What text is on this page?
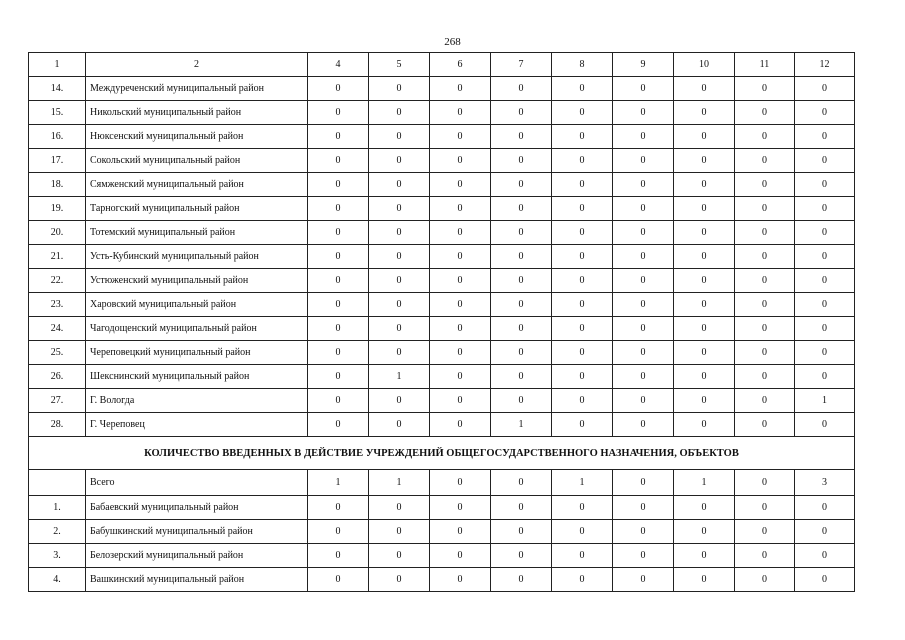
268
1	2	4	5	6	7	8	9	10	11	12
14.	Междуреченский муниципальный район	0	0	0	0	0	0	0	0	0
15.	Никольский муниципальный район	0	0	0	0	0	0	0	0	0
16.	Нюксенский муниципальный район	0	0	0	0	0	0	0	0	0
17.	Сокольский муниципальный район	0	0	0	0	0	0	0	0	0
18.	Сямженский муниципальный район	0	0	0	0	0	0	0	0	0
19.	Тарногский муниципальный район	0	0	0	0	0	0	0	0	0
20.	Тотемский муниципальный район	0	0	0	0	0	0	0	0	0
21.	Усть-Кубинский муниципальный район	0	0	0	0	0	0	0	0	0
22.	Устюженский муниципальный район	0	0	0	0	0	0	0	0	0
23.	Харовский муниципальный район	0	0	0	0	0	0	0	0	0
24.	Чагодощенский муниципальный район	0	0	0	0	0	0	0	0	0
25.	Череповецкий муниципальный район	0	0	0	0	0	0	0	0	0
26.	Шекснинский муниципальный район	0	1	0	0	0	0	0	0	0
27.	Г. Вологда	0	0	0	0	0	0	0	0	1
28.	Г. Череповец	0	0	0	1	0	0	0	0	0
КОЛИЧЕСТВО ВВЕДЕННЫХ В ДЕЙСТВИЕ УЧРЕЖДЕНИЙ ОБЩЕГОСУДАРСТВЕННОГО НАЗНАЧЕНИЯ, ОБЪЕКТОВ										
	Всего	1	1	0	0	1	0	1	0	3
1.	Бабаевский муниципальный район	0	0	0	0	0	0	0	0	0
2.	Бабушкинский муниципальный район	0	0	0	0	0	0	0	0	0
3.	Белозерский муниципальный район	0	0	0	0	0	0	0	0	0
4.	Вашкинский муниципальный район	0	0	0	0	0	0	0	0	0
